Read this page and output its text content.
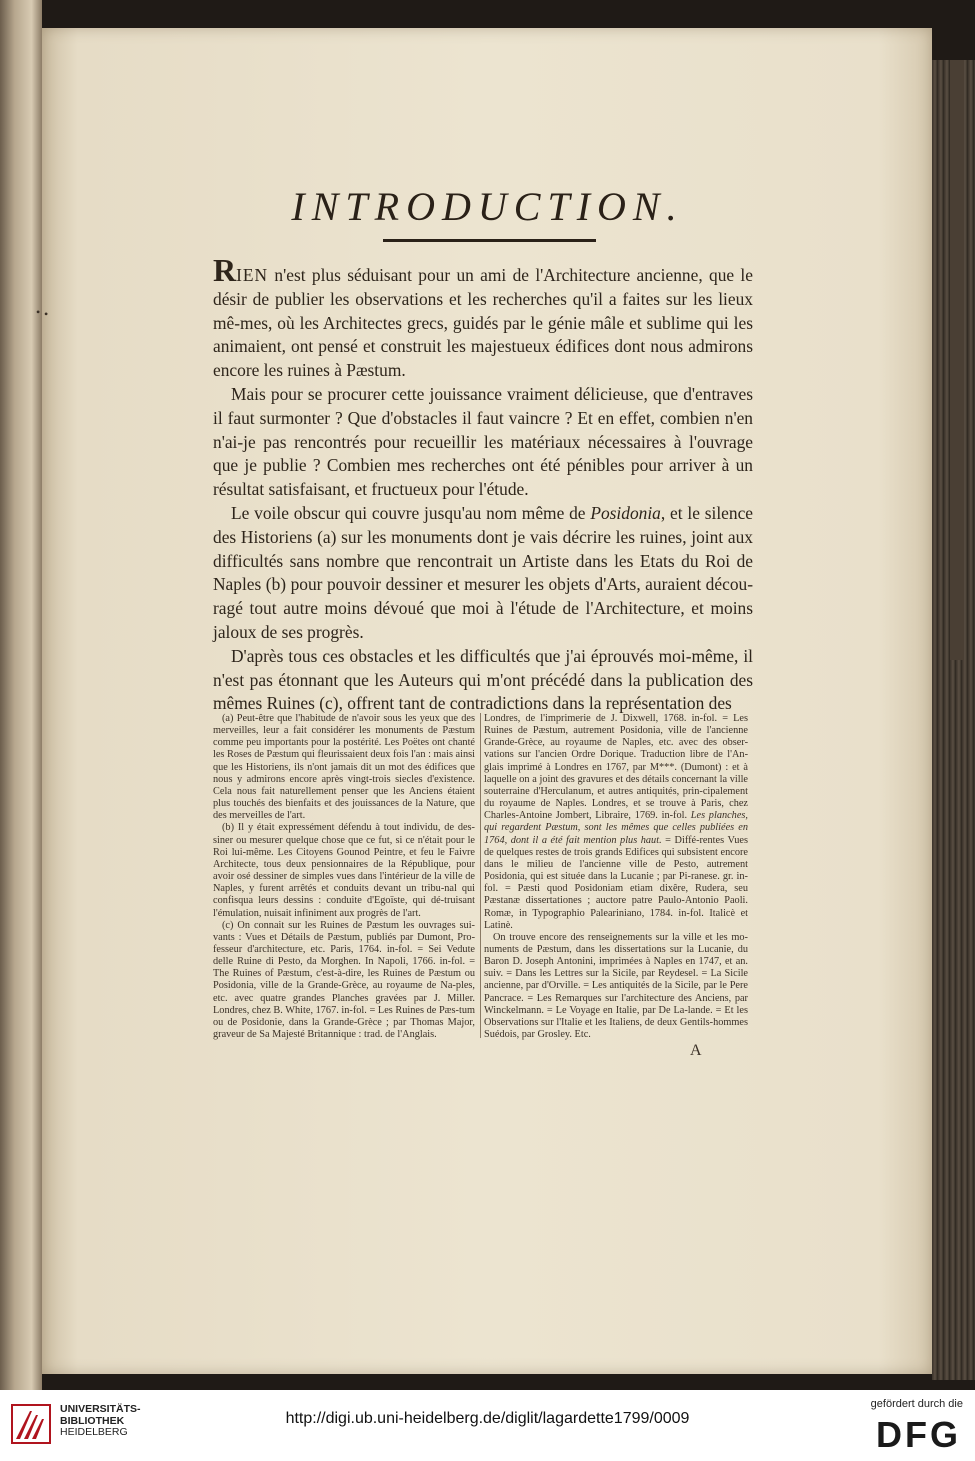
• •
INTRODUCTION.

RIEN n'est plus séduisant pour un ami de l'Architecture ancienne, que le désir de publier les observations et les recherches qu'il a faites sur les lieux mê-mes, où les Architectes grecs, guidés par le génie mâle et sublime qui les animaient, ont pensé et construit les majestueux édifices dont nous admirons encore les ruines à Pæstum.

Mais pour se procurer cette jouissance vraiment délicieuse, que d'entraves il faut surmonter ? Que d'obstacles il faut vaincre ? Et en effet, combien n'en n'ai-je pas rencontrés pour recueillir les matériaux nécessaires à l'ouvrage que je publie ? Combien mes recherches ont été pénibles pour arriver à un résultat satisfaisant, et fructueux pour l'étude.

Le voile obscur qui couvre jusqu'au nom même de Posidonia, et le silence des Historiens (a) sur les monuments dont je vais décrire les ruines, joint aux difficultés sans nombre que rencontrait un Artiste dans les Etats du Roi de Naples (b) pour pouvoir dessiner et mesurer les objets d'Arts, auraient décou-ragé tout autre moins dévoué que moi à l'étude de l'Architecture, et moins jaloux de ses progrès.

D'après tous ces obstacles et les difficultés que j'ai éprouvés moi-même, il n'est pas étonnant que les Auteurs qui m'ont précédé dans la publication des mêmes Ruines (c), offrent tant de contradictions dans la représentation des

(a) Peut-être que l'habitude de n'avoir sous les yeux que des merveilles, leur a fait considérer les monuments de Pæstum comme peu importants pour la postérité. Les Poëtes ont chanté les Roses de Pæstum qui fleurissaient deux fois l'an : mais ainsi que les Historiens, ils n'ont jamais dit un mot des édifices que nous y admirons encore après vingt-trois siecles d'existence. Cela nous fait naturellement penser que les Anciens étaient plus touchés des bienfaits et des jouissances de la Nature, que des merveilles de l'art.

(b) Il y était expressément défendu à tout individu, de des-siner ou mesurer quelque chose que ce fut, si ce n'était pour le Roi lui-même. Les Citoyens Gounod Peintre, et feu le Faivre Architecte, tous deux pensionnaires de la République, pour avoir osé dessiner de simples vues dans l'intérieur de la ville de Naples, y furent arrêtés et conduits devant un tribu-nal qui confisqua leurs dessins : conduite d'Egoïste, qui dé-truisant l'émulation, nuisait infiniment aux progrès de l'art.

(c) On connait sur les Ruines de Pæstum les ouvrages sui-vants : Vues et Détails de Pæstum, publiés par Dumont, Pro-fesseur d'architecture, etc. Paris, 1764. in-fol. = Sei Vedute delle Ruine di Pesto, da Morghen. In Napoli, 1766. in-fol. = The Ruines of Pæstum, c'est-à-dire, les Ruines de Pæstum ou Posidonia, ville de la Grande-Grèce, au royaume de Na-ples, etc. avec quatre grandes Planches gravées par J. Miller. Londres, chez B. White, 1767. in-fol. = Les Ruines de Pæs-tum ou de Posidonie, dans la Grande-Grèce ; par Thomas Major, graveur de Sa Majesté Britannique : trad. de l'Anglais.

Londres, de l'imprimerie de J. Dixwell, 1768. in-fol. = Les Ruines de Pæstum, autrement Posidonia, ville de l'ancienne Grande-Grèce, au royaume de Naples, etc. avec des obser-vations sur l'ancien Ordre Dorique. Traduction libre de l'An-glais imprimé à Londres en 1767, par M***. (Dumont) : et à laquelle on a joint des gravures et des détails concernant la ville souterraine d'Herculanum, et autres antiquités, prin-cipalement du royaume de Naples. Londres, et se trouve à Paris, chez Charles-Antoine Jombert, Libraire, 1769. in-fol. Les planches, qui regardent Pæstum, sont les mêmes que celles publiées en 1764, dont il a été fait mention plus haut. = Diffé-rentes Vues de quelques restes de trois grands Edifices qui subsistent encore dans le milieu de l'ancienne ville de Pesto, autrement Posidonia, qui est située dans la Lucanie ; par Pi-ranese. gr. in-fol. = Pæsti quod Posidoniam etiam dixêre, Rudera, seu Pæstanæ dissertationes ; auctore patre Paulo-Antonio Paoli. Romæ, in Typographio Paleariniano, 1784. in-fol. Italicè et Latinè.

On trouve encore des renseignements sur la ville et les mo-numents de Pæstum, dans les dissertations sur la Lucanie, du Baron D. Joseph Antonini, imprimées à Naples en 1747, et an. suiv. = Dans les Lettres sur la Sicile, par Reydesel. = La Sicile ancienne, par d'Orville. = Les antiquités de la Sicile, par le Pere Pancrace. = Les Remarques sur l'architecture des Anciens, par Winckelmann. = Le Voyage en Italie, par De La-lande. = Et les Observations sur l'Italie et les Italiens, de deux Gentils-hommes Suédois, par Grosley. Etc.

A
UNIVERSITÄTS-
BIBLIOTHEK
HEIDELBERG
http://digi.ub.uni-heidelberg.de/diglit/lagardette1799/0009
gefördert durch die
DFG
